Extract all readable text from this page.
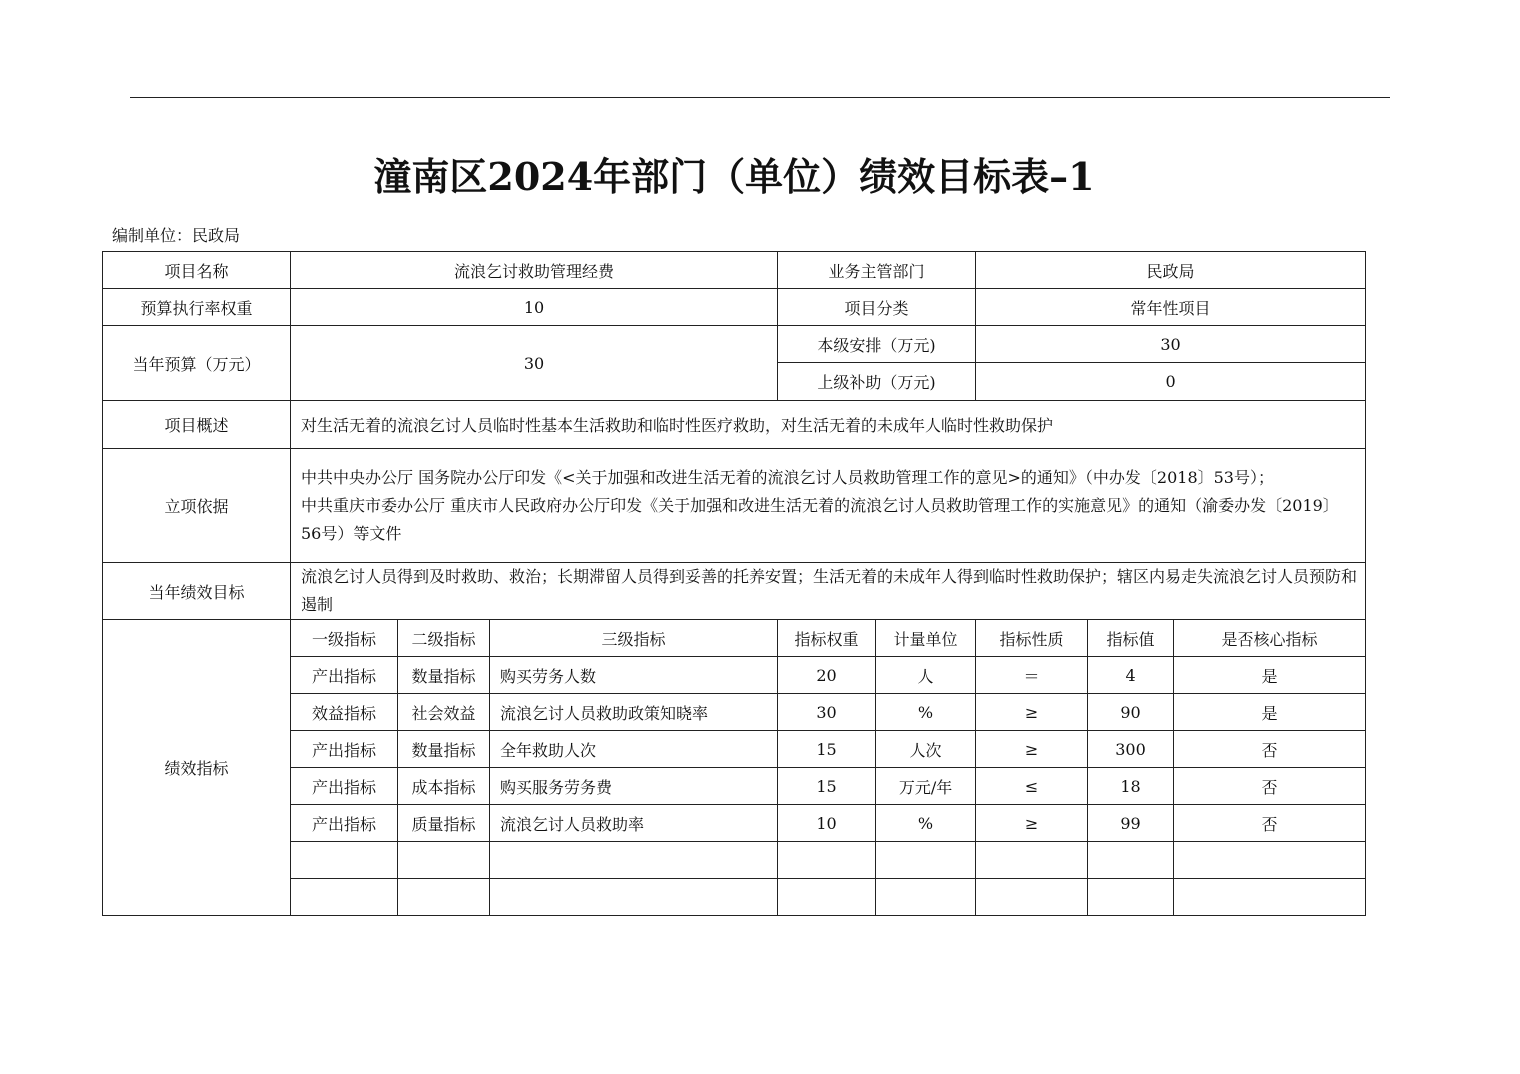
潼南区2024年部门（单位）绩效目标表–1
编制单位：民政局
项目名称	流浪乞讨救助管理经费			业务主管部门		民政局		
预算执行率权重	10			项目分类		常年性项目		
当年预算（万元）	30			本级安排（万元)		30		
				上级补助（万元)		0		
项目概述	对生活无着的流浪乞讨人员临时性基本生活救助和临时性医疗救助，对生活无着的未成年人临时性救助保护							
立项依据	中共中央办公厅 国务院办公厅印发《<关于加强和改进生活无着的流浪乞讨人员救助管理工作的意见>的通知》（中办发〔2018〕53号）；
中共重庆市委办公厅 重庆市人民政府办公厅印发《关于加强和改进生活无着的流浪乞讨人员救助管理工作的实施意见》的通知（渝委办发〔2019〕56号）等文件							

当年绩效目标	流浪乞讨人员得到及时救助、救治；长期滞留人员得到妥善的托养安置；生活无着的未成年人得到临时性救助保护；辖区内易走失流浪乞讨人员预防和遏制							
绩效指标	一级指标	二级指标	三级指标	指标权重	计量单位	指标性质	指标值	是否核心指标
	产出指标	数量指标	购买劳务人数	20	人	＝	4	是
	效益指标	社会效益	流浪乞讨人员救助政策知晓率	30	%	≥	90	是
	产出指标	数量指标	全年救助人次	15	人次	≥	300	否
	产出指标	成本指标	购买服务劳务费	15	万元/年	≤	18	否
	产出指标	质量指标	流浪乞讨人员救助率	10	%	≥	99	否
